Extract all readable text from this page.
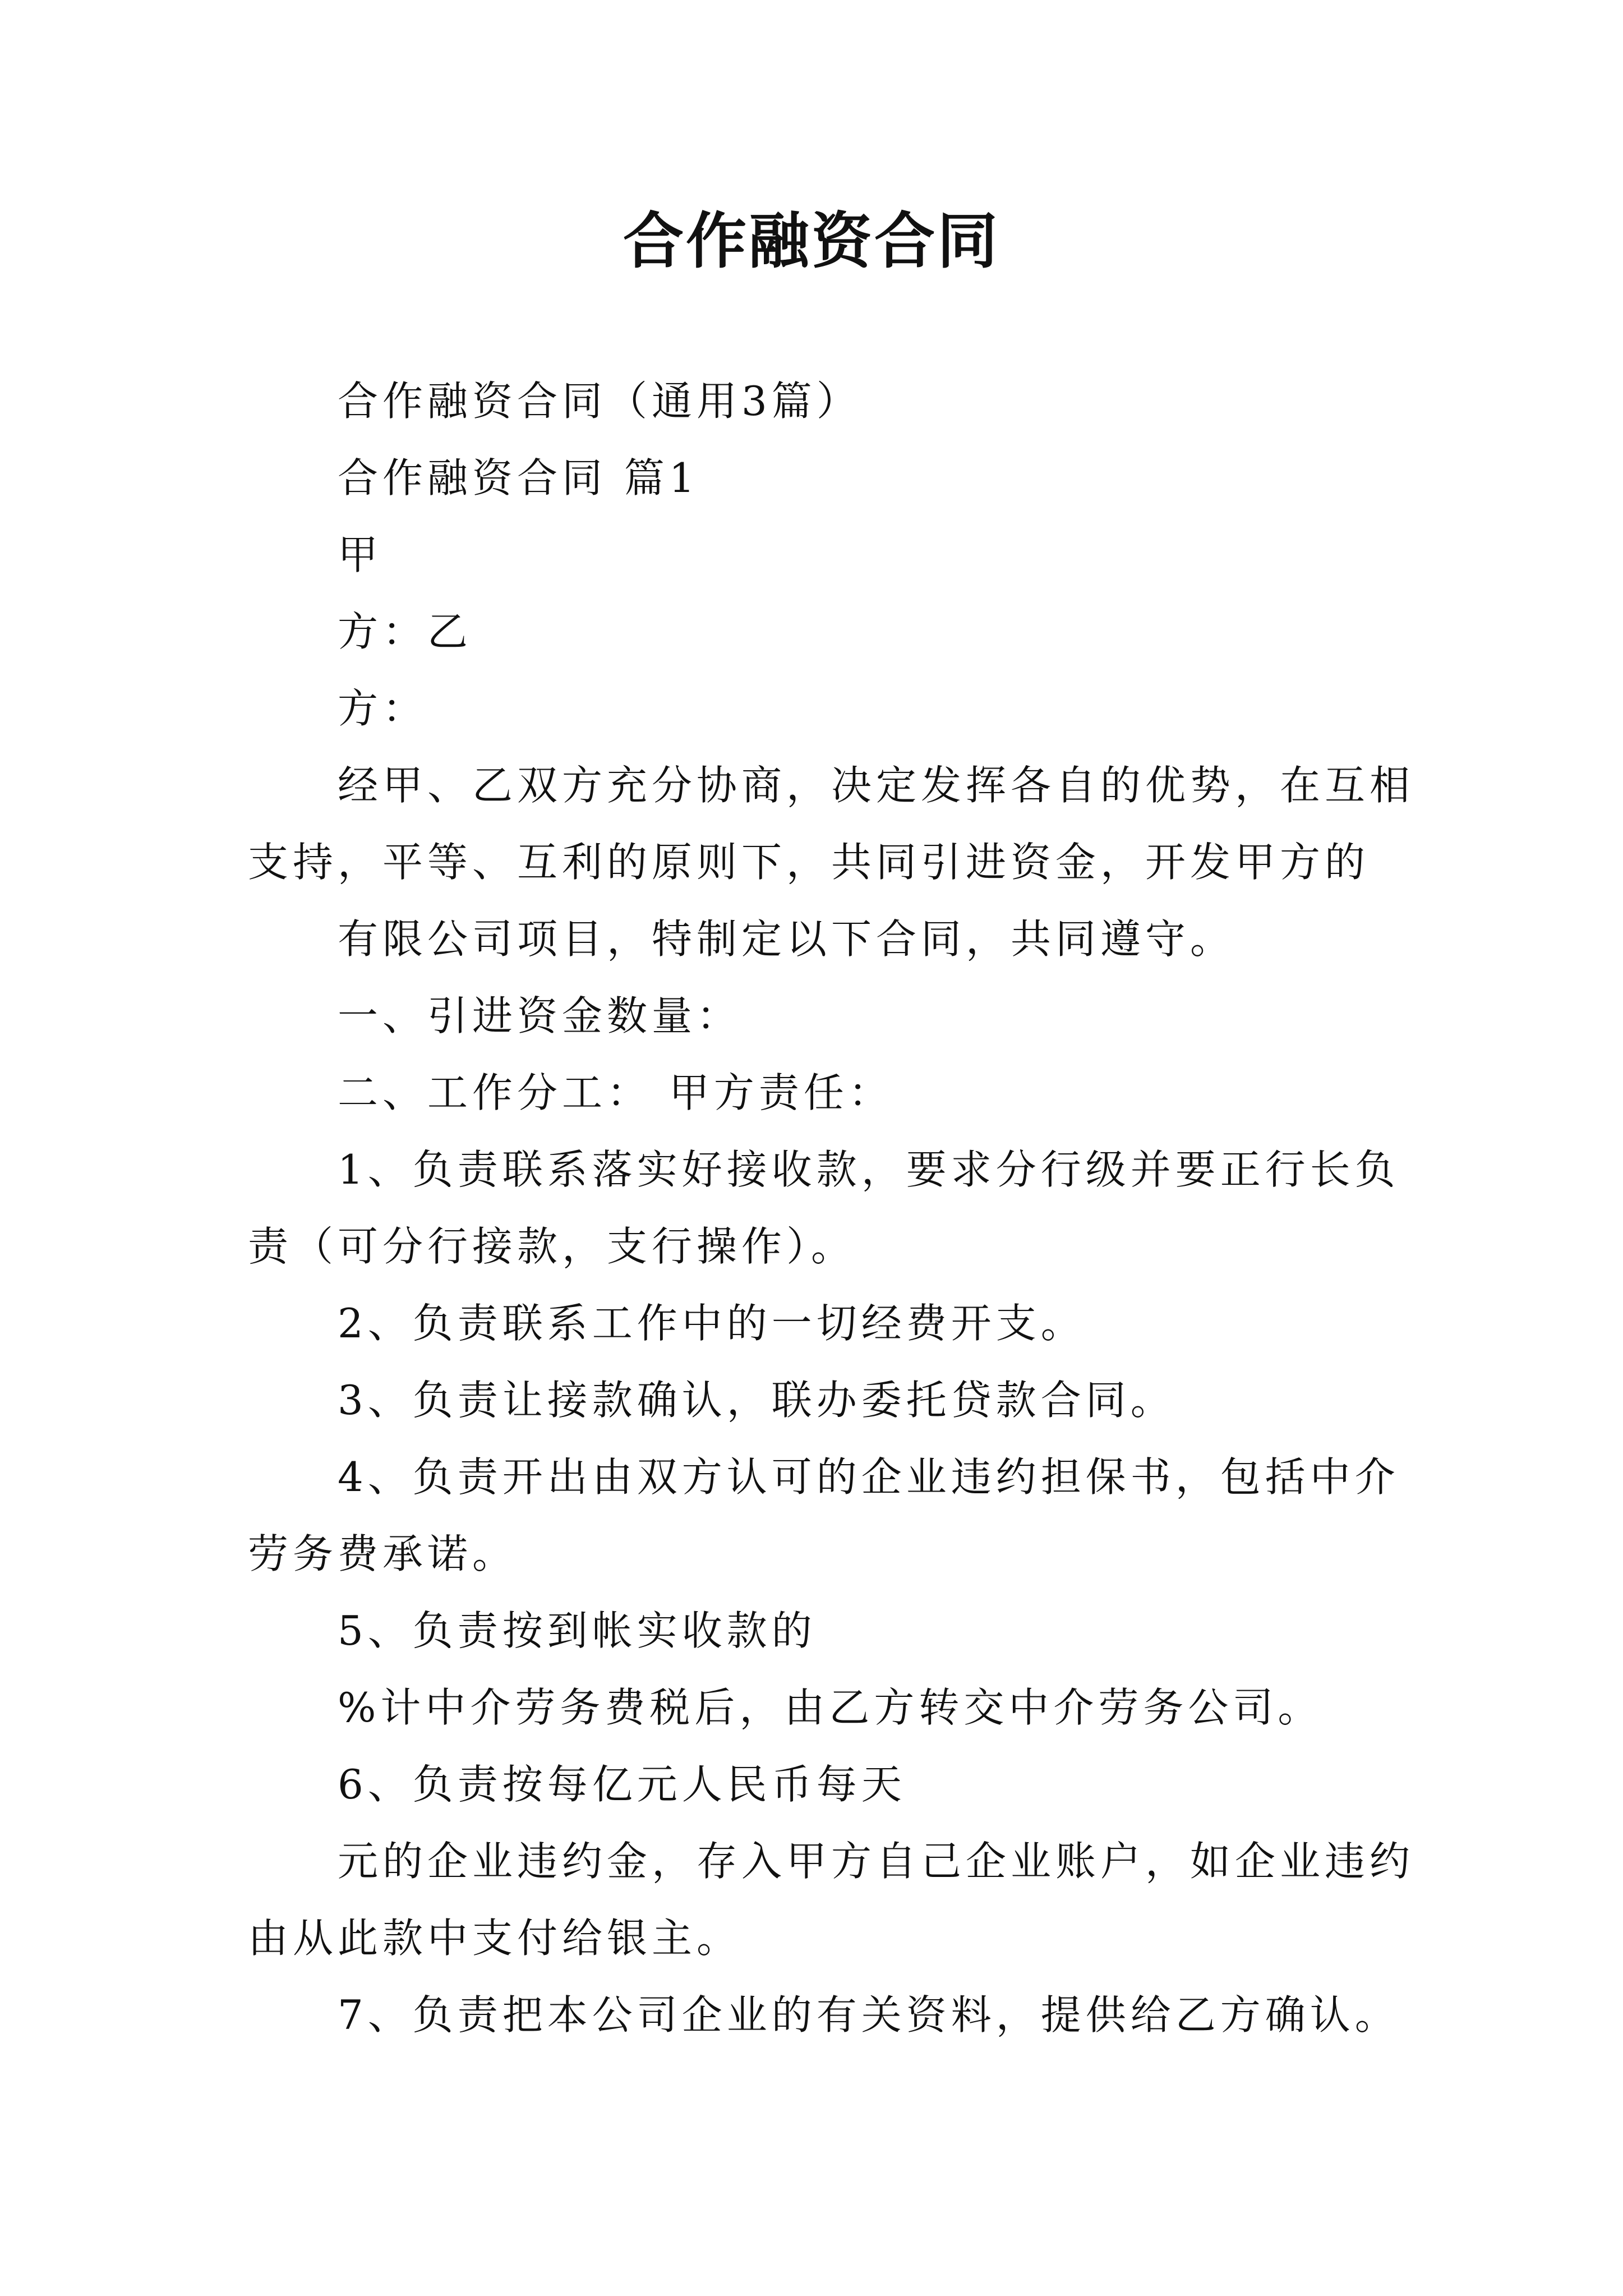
合作融资合同
合作融资合同（通用3篇）
合作融资合同 篇1
甲
方：乙
方：
经甲、乙双方充分协商，决定发挥各自的优势，在互相
支持，平等、互利的原则下，共同引进资金，开发甲方的
有限公司项目，特制定以下合同，共同遵守。
一、引进资金数量：
二、工作分工： 甲方责任：
1、负责联系落实好接收款，要求分行级并要正行长负
责（可分行接款，支行操作）。
2、负责联系工作中的一切经费开支。
3、负责让接款确认，联办委托贷款合同。
4、负责开出由双方认可的企业违约担保书，包括中介
劳务费承诺。
5、负责按到帐实收款的
%计中介劳务费税后，由乙方转交中介劳务公司。
6、负责按每亿元人民币每天
元的企业违约金，存入甲方自己企业账户，如企业违约
由从此款中支付给银主。
7、负责把本公司企业的有关资料，提供给乙方确认。
